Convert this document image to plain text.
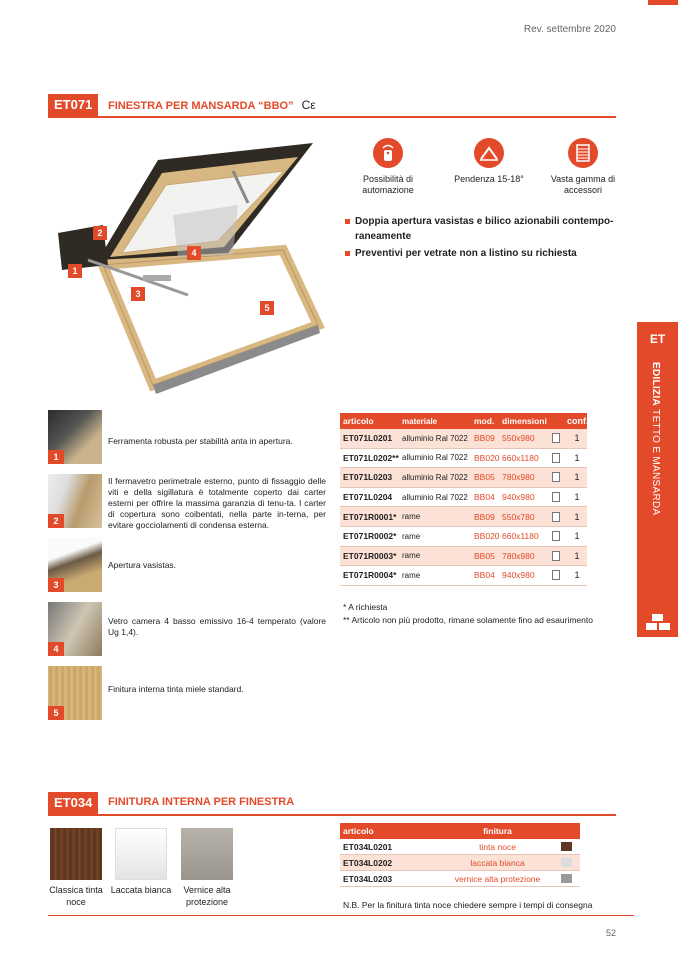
Rev. settembre 2020
ET071	FINESTRA PER MANSARDA “BBO” Cε
1
2
3
4
5
Possibilità di automazione
Pendenza 15-18°	Vasta gamma di accessori
Doppia apertura vasistas e bilico azionabili contempo-raneamente
Preventivi per vetrate non a listino su richiesta
1
Ferramenta robusta per stabilità anta in apertura.
2
Il fermavetro perimetrale esterno, punto di fissaggio delle viti e della sigillatura è totalmente coperto dai carter esterni per offrire la massima garanzia di tenu-ta. I carter di copertura sono coibentati, nella parte in-terna, per evitare gocciolamenti di condensa esterna.
3
Apertura vasistas.
4
Vetro camera 4 basso emissivo 16-4 temperato (valore Ug 1,4).
5
Finitura interna tinta miele standard.
articolo	materiale	mod. dimensioni	conf.
ET071L0201	alluminio Ral 7022 BB09 550x980	1
ET071L0202** alluminio Ral 7022 BB020 660x1180	1
ET071L0203	alluminio Ral 7022 BB05 780x980	1
ET071L0204	alluminio Ral 7022 BB04 940x980	1
ET071R0001* rame	BB09 550x780	1
ET071R0002* rame	BB020 660x1180	1
ET071R0003* rame	BB05 780x980	1
ET071R0004* rame	BB04 940x980	1
* A richiesta
** Articolo non più prodotto, rimane solamente fino ad esaurimento
ET
EDILIZIA TETTO E MANSARDA
ET034	FINITURA INTERNA PER FINESTRA
Classica tinta noce
Laccata bianca	Vernice alta protezione
articolo	finitura
ET034L0201	tinta noce
ET034L0202	laccata bianca
ET034L0203	vernice alta protezione
N.B. Per la finitura tinta noce chiedere sempre i tempi di consegna
52
